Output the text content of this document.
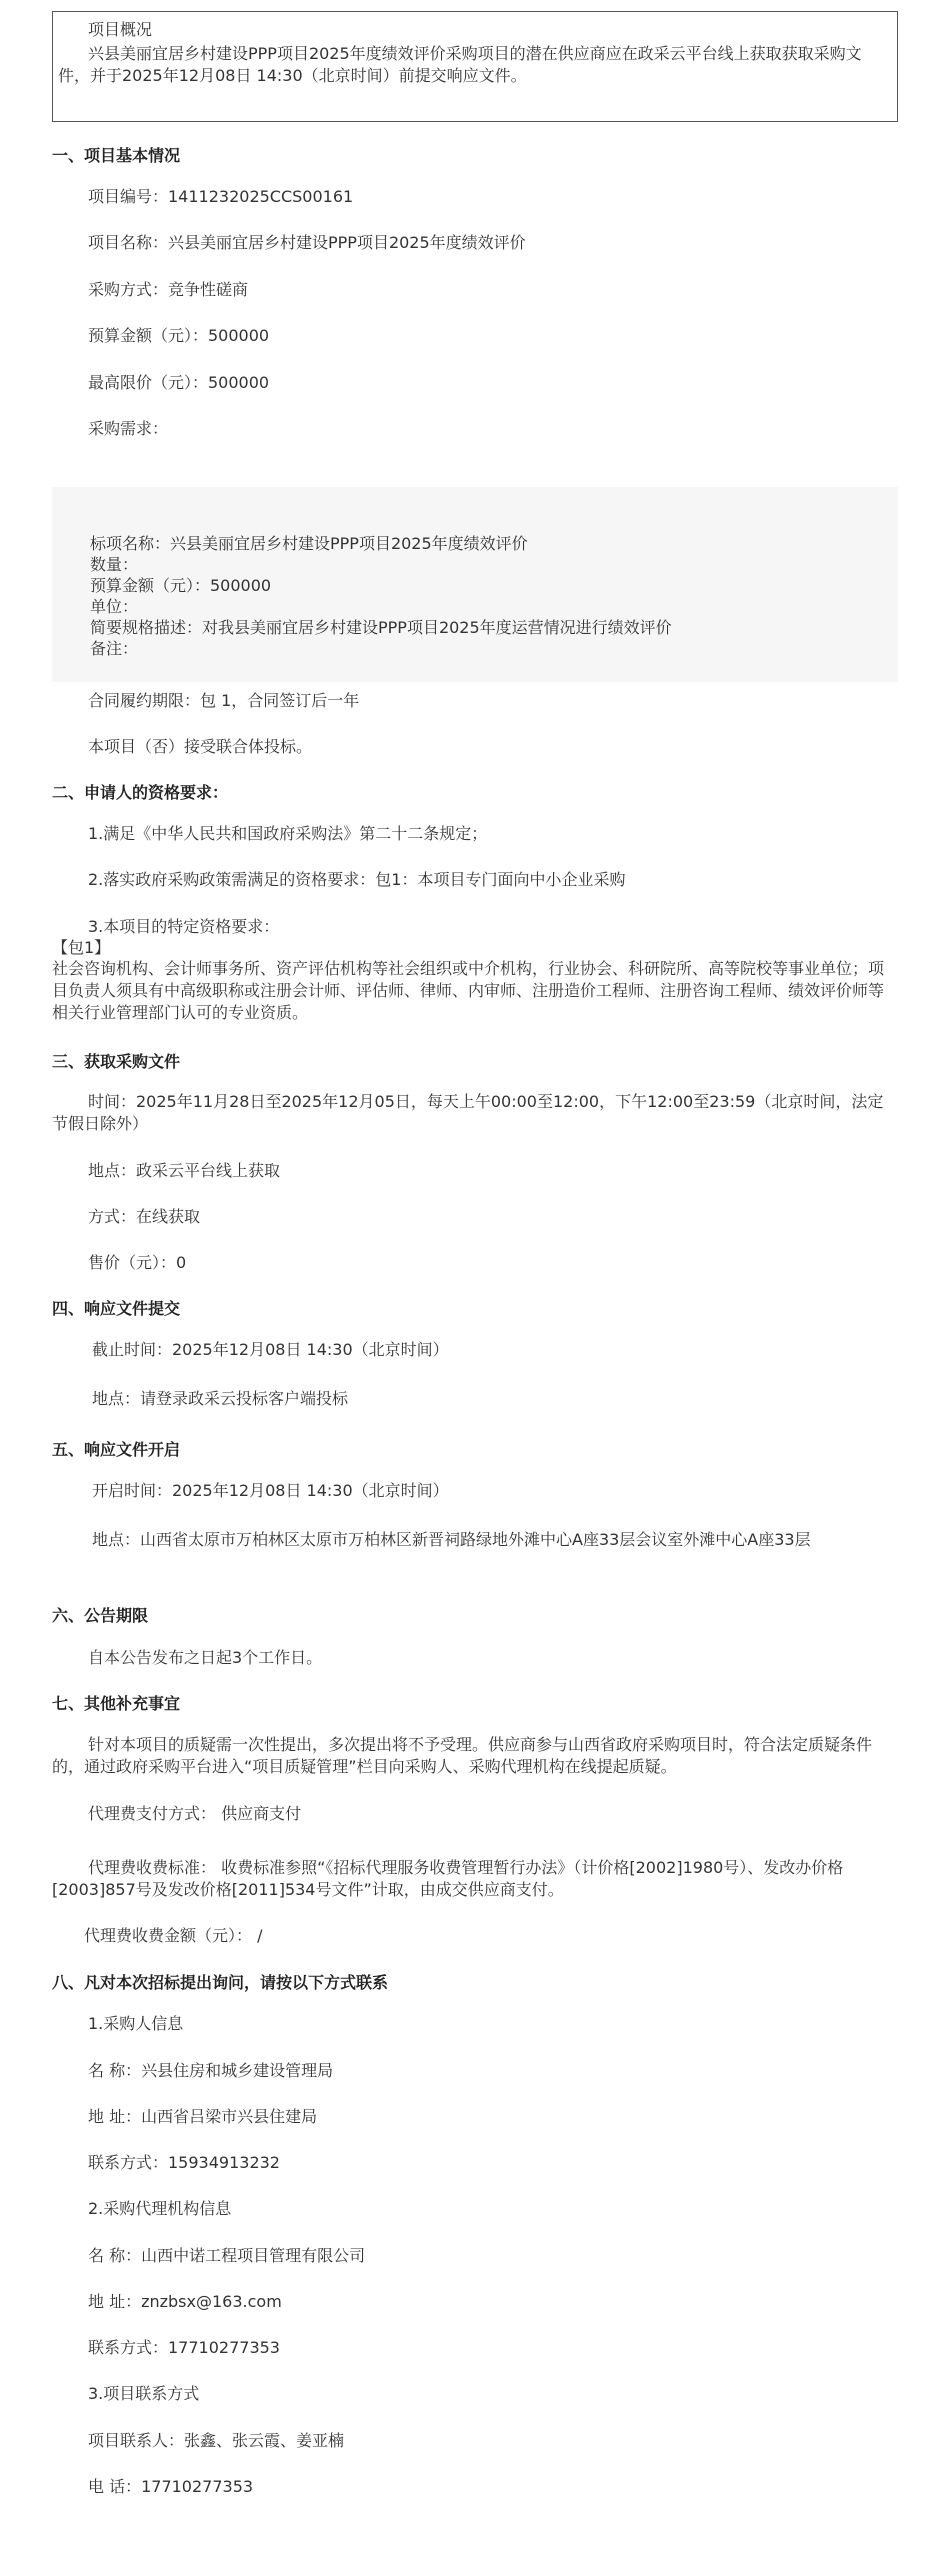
项目概况
兴县美丽宜居乡村建设PPP项目2025年度绩效评价采购项目的潜在供应商应在政采云平台线上获取获取采购文件，并于2025年12月08日 14:30（北京时间）前提交响应文件。
一、项目基本情况
项目编号：1411232025CCS00161
项目名称：兴县美丽宜居乡村建设PPP项目2025年度绩效评价
采购方式：竞争性磋商
预算金额（元）：500000
最高限价（元）：500000
采购需求：
标项名称：兴县美丽宜居乡村建设PPP项目2025年度绩效评价
数量：
预算金额（元）：500000
单位：
简要规格描述：对我县美丽宜居乡村建设PPP项目2025年度运营情况进行绩效评价
备注：
合同履约期限：包 1，合同签订后一年
本项目（否）接受联合体投标。
二、申请人的资格要求：
1.满足《中华人民共和国政府采购法》第二十二条规定；
2.落实政府采购政策需满足的资格要求：包1：本项目专门面向中小企业采购
3.本项目的特定资格要求：
【包1】
社会咨询机构、会计师事务所、资产评估机构等社会组织或中介机构，行业协会、科研院所、高等院校等事业单位；项目负责人须具有中高级职称或注册会计师、评估师、律师、内审师、注册造价工程师、注册咨询工程师、绩效评价师等相关行业管理部门认可的专业资质。
三、获取采购文件
时间：2025年11月28日至2025年12月05日，每天上午00:00至12:00，下午12:00至23:59（北京时间，法定节假日除外）
地点：政采云平台线上获取
方式：在线获取
售价（元）：0
四、响应文件提交
截止时间：2025年12月08日 14:30（北京时间）
地点：请登录政采云投标客户端投标
五、响应文件开启
开启时间：2025年12月08日 14:30（北京时间）
地点：山西省太原市万柏林区太原市万柏林区新晋祠路绿地外滩中心A座33层会议室外滩中心A座33层
六、公告期限
自本公告发布之日起3个工作日。
七、其他补充事宜
针对本项目的质疑需一次性提出，多次提出将不予受理。供应商参与山西省政府采购项目时，符合法定质疑条件的，通过政府采购平台进入“项目质疑管理”栏目向采购人、采购代理机构在线提起质疑。
代理费支付方式： 供应商支付
代理费收费标准： 收费标准参照“《招标代理服务收费管理暂行办法》（计价格[2002]1980号）、发改办价格[2003]857号及发改价格[2011]534号文件”计取，由成交供应商支付。
代理费收费金额（元）： /
八、凡对本次招标提出询问，请按以下方式联系
1.采购人信息
名 称：兴县住房和城乡建设管理局
地 址：山西省吕梁市兴县住建局
联系方式：15934913232
2.采购代理机构信息
名 称：山西中诺工程项目管理有限公司
地 址：znzbsx@163.com
联系方式：17710277353
3.项目联系方式
项目联系人：张鑫、张云霞、姜亚楠
电 话：17710277353
